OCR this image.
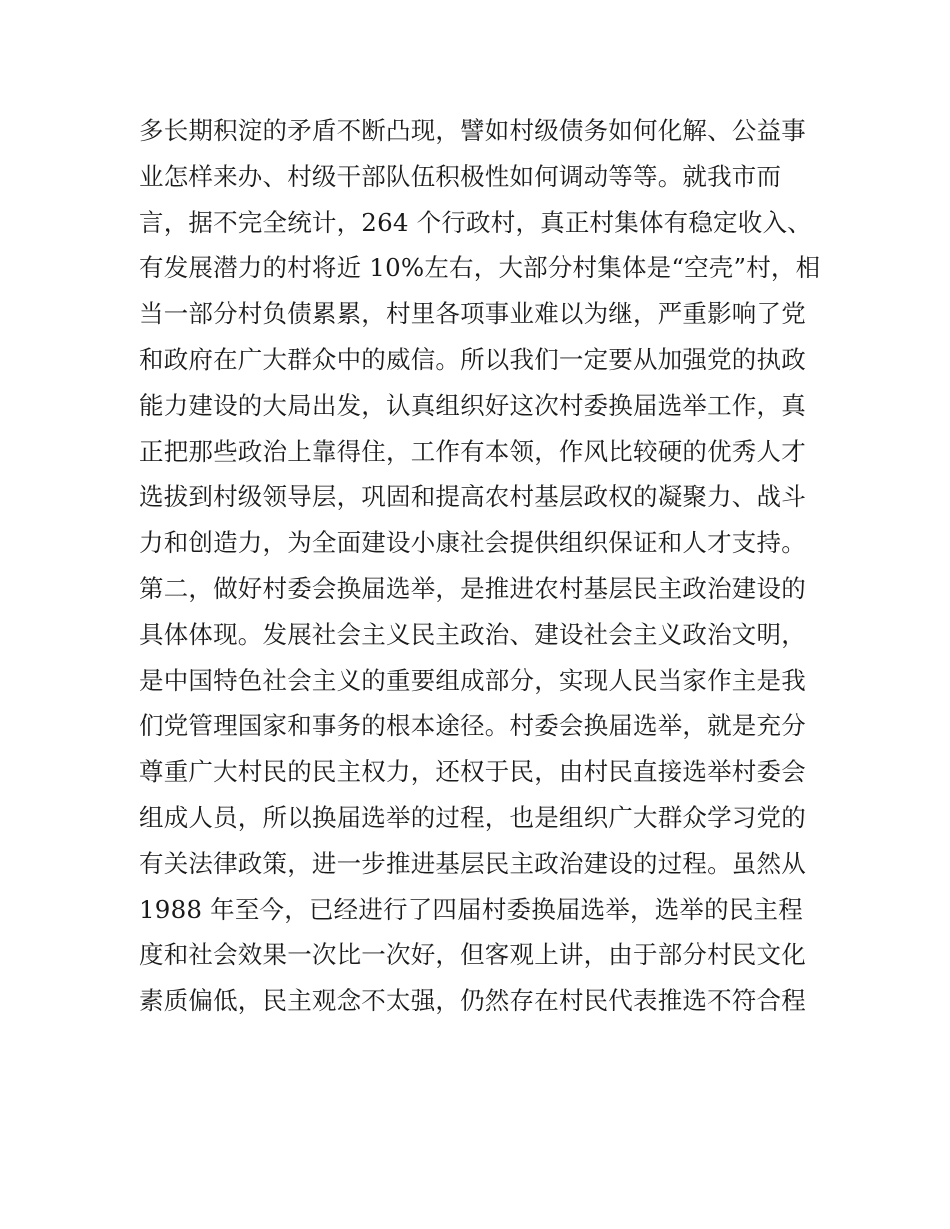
多长期积淀的矛盾不断凸现，譬如村级债务如何化解、公益事
业怎样来办、村级干部队伍积极性如何调动等等。就我市而
言，据不完全统计，264 个行政村，真正村集体有稳定收入、
有发展潜力的村将近 10%左右，大部分村集体是“空壳”村，相
当一部分村负债累累，村里各项事业难以为继，严重影响了党
和政府在广大群众中的威信。所以我们一定要从加强党的执政
能力建设的大局出发，认真组织好这次村委换届选举工作，真
正把那些政治上靠得住，工作有本领，作风比较硬的优秀人才
选拔到村级领导层，巩固和提高农村基层政权的凝聚力、战斗
力和创造力，为全面建设小康社会提供组织保证和人才支持。
第二，做好村委会换届选举，是推进农村基层民主政治建设的
具体体现。发展社会主义民主政治、建设社会主义政治文明，
是中国特色社会主义的重要组成部分，实现人民当家作主是我
们党管理国家和事务的根本途径。村委会换届选举，就是充分
尊重广大村民的民主权力，还权于民，由村民直接选举村委会
组成人员，所以换届选举的过程，也是组织广大群众学习党的
有关法律政策，进一步推进基层民主政治建设的过程。虽然从
1988 年至今，已经进行了四届村委换届选举，选举的民主程
度和社会效果一次比一次好，但客观上讲，由于部分村民文化
素质偏低，民主观念不太强，仍然存在村民代表推选不符合程
